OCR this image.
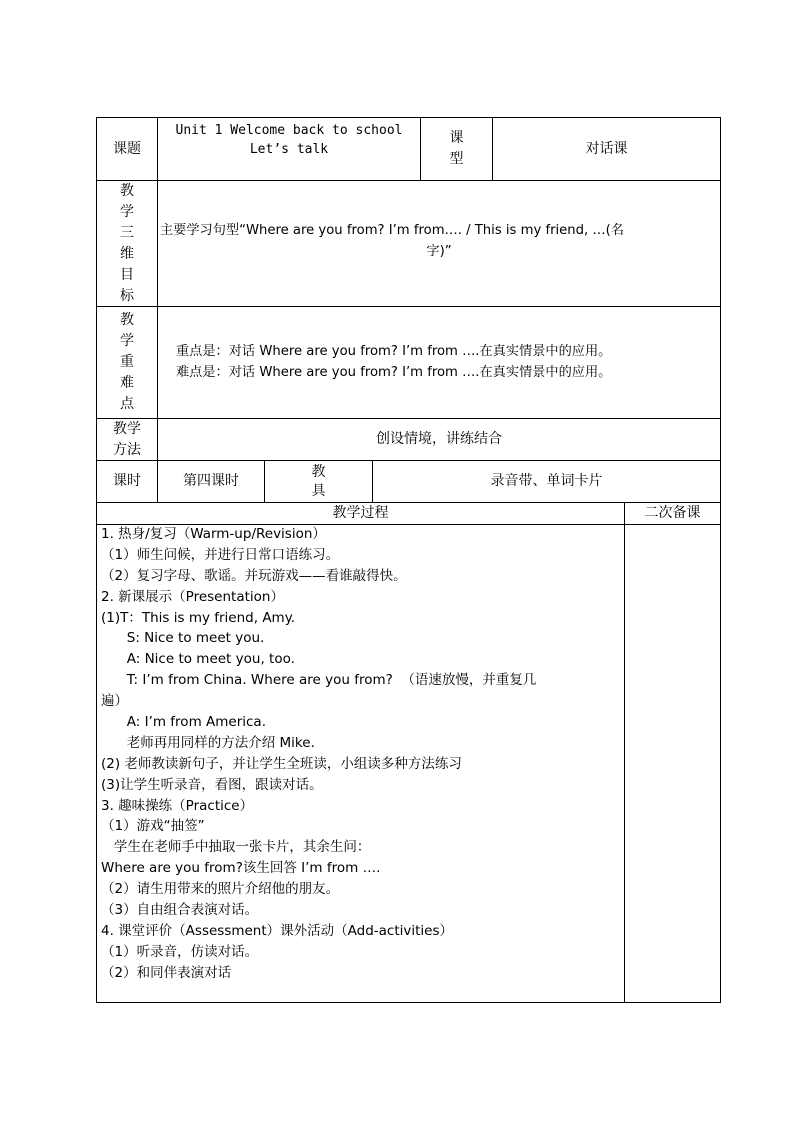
课题
Unit 1 Welcome back to school
Let’s talk
课
型
对话课
教
学
三
维
目
标
主要学习句型“Where are you from? I’m from…. / This is my friend, …(名
字)”
教
学
重
难
点
重点是：对话 Where are you from? I’m from ….在真实情景中的应用。
难点是：对话 Where are you from? I’m from ….在真实情景中的应用。
教学
方法
创设情境，讲练结合
课时	第四课时
教
具
录音带、单词卡片
教学过程	二次备课
1. 热身/复习（Warm-up/Revision）
（1）师生问候，并进行日常口语练习。
（2）复习字母、歌谣。并玩游戏——看谁敲得快。
2. 新课展示（Presentation）
(1)T：This is my friend, Amy.
S: Nice to meet you.
A: Nice to meet you, too.
T: I’m from China. Where are you from?  （语速放慢，并重复几
遍）
A: I’m from America.
老师再用同样的方法介绍 Mike.
(2) 老师教读新句子，并让学生全班读，小组读多种方法练习
(3)让学生听录音，看图，跟读对话。
3. 趣味操练（Practice）
（1）游戏“抽签”
学生在老师手中抽取一张卡片，其余生问：
Where are you from?该生回答 I’m from ….
（2）请生用带来的照片介绍他的朋友。
（3）自由组合表演对话。
4. 课堂评价（Assessment）课外活动（Add-activities）
（1）听录音，仿读对话。
（2）和同伴表演对话
